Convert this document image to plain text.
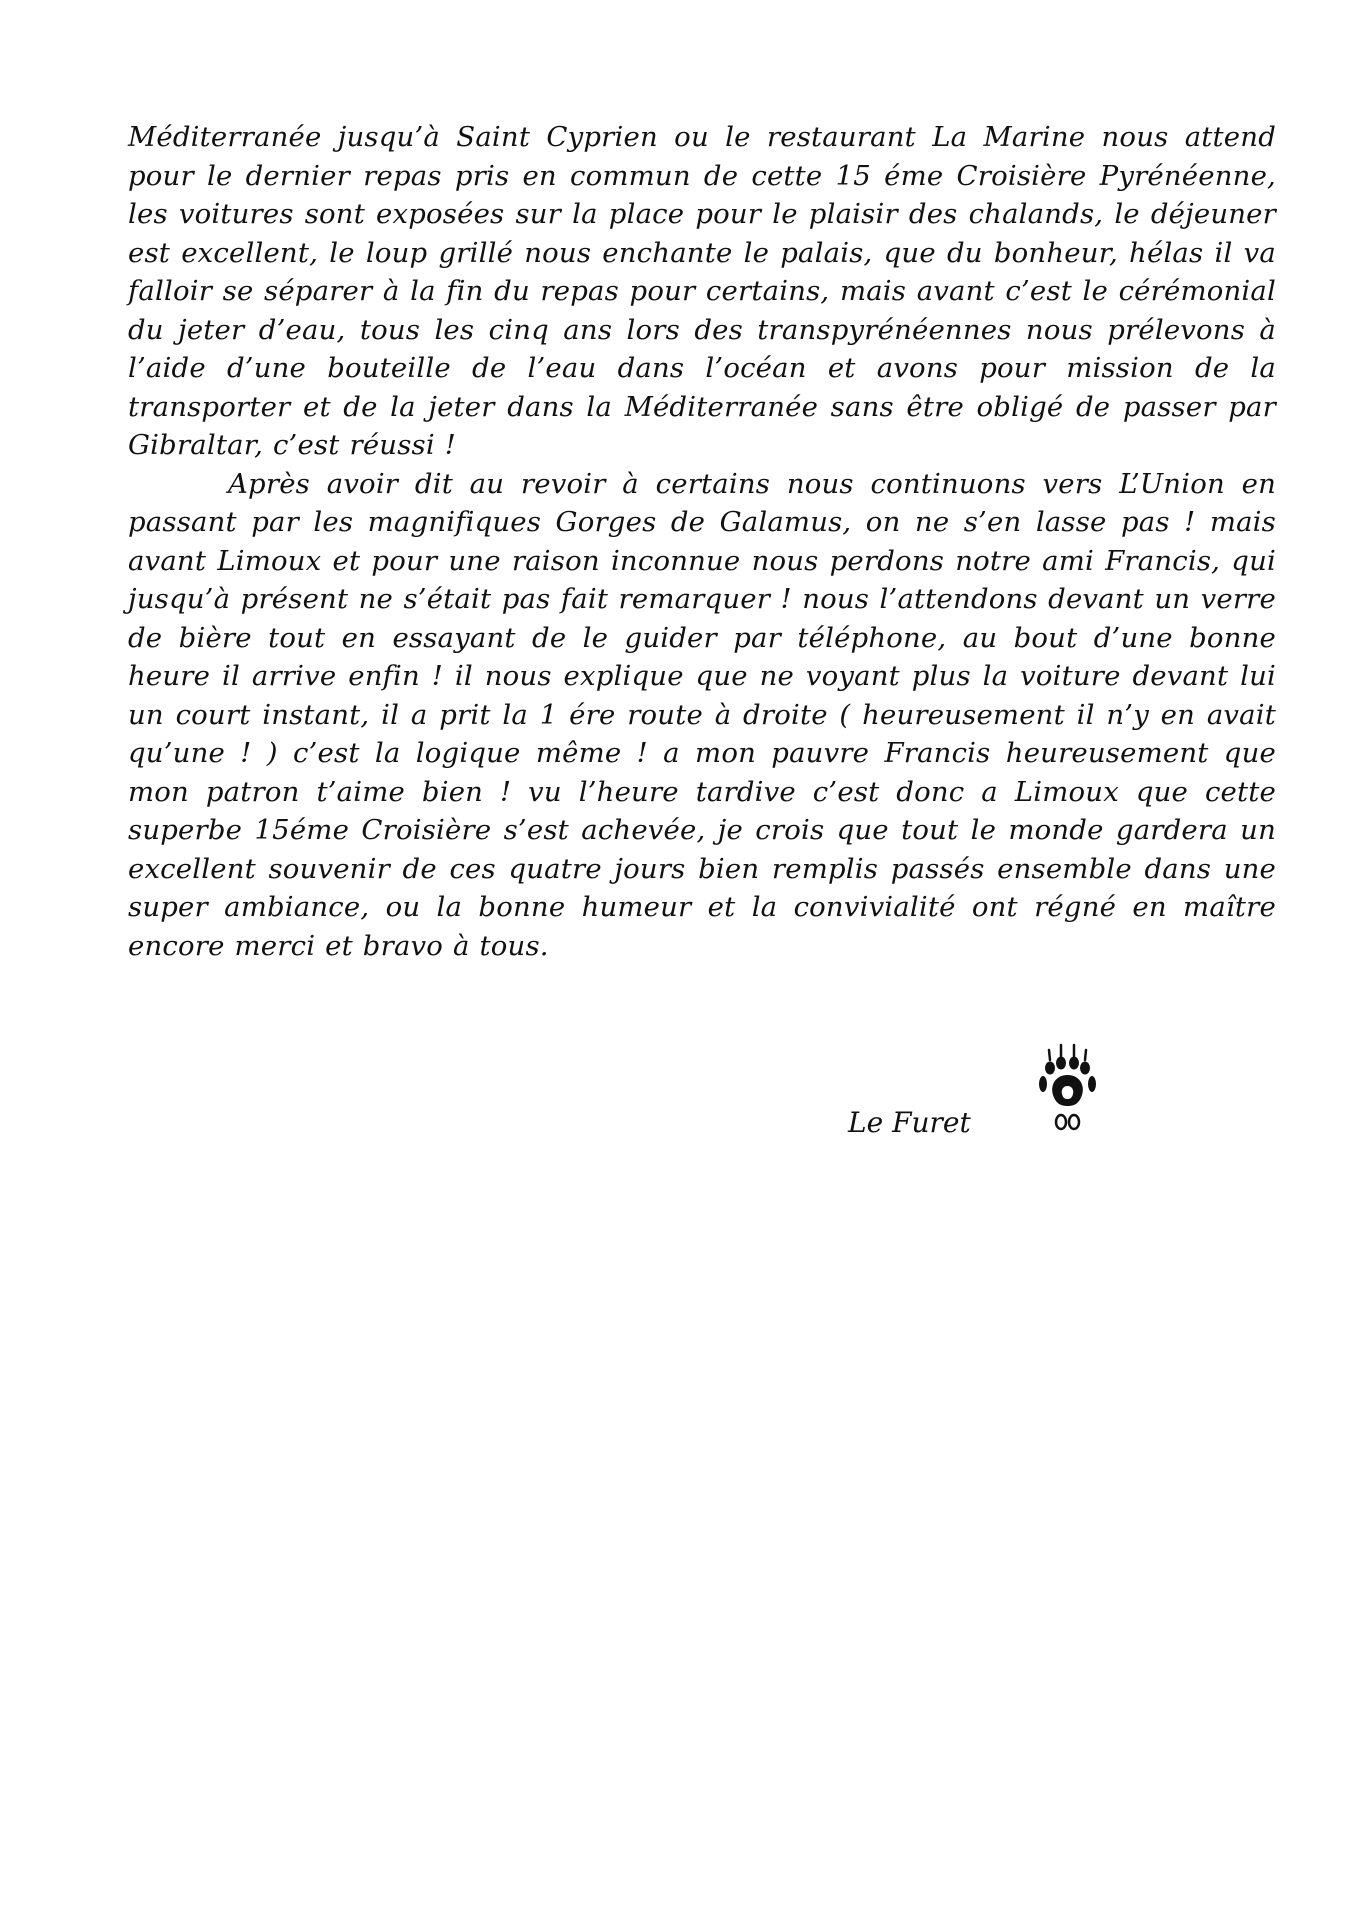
Méditerranée jusqu’à Saint Cyprien ou le restaurant La Marine nous attend pour le dernier repas pris en commun de cette 15 éme Croisière Pyrénéenne, les voitures sont exposées sur la place pour le plaisir des chalands, le déjeuner est excellent, le loup grillé nous enchante le palais, que du bonheur, hélas il va falloir se séparer à la fin du repas pour certains, mais avant c’est le cérémonial du jeter d’eau, tous les cinq ans lors des transpyrénéennes nous prélevons à l’aide d’une bouteille de l’eau dans l’océan et avons pour mission de la transporter et de la jeter dans la Méditerranée sans être obligé de passer par Gibraltar, c’est réussi !

Après avoir dit au revoir à certains nous continuons vers L’Union en passant par les magnifiques Gorges de Galamus, on ne s’en lasse pas ! mais avant Limoux et pour une raison inconnue nous perdons notre ami Francis, qui jusqu’à présent ne s’était pas fait remarquer ! nous l’attendons devant un verre de bière tout en essayant de le guider par téléphone, au bout d’une bonne heure il arrive enfin ! il nous explique que ne voyant plus la voiture devant lui un court instant, il a prit la 1 ére route à droite ( heureusement il n’y en avait qu’une ! ) c’est la logique même ! a mon pauvre Francis heureusement que mon patron t’aime bien ! vu l’heure tardive c’est donc a Limoux que cette superbe 15éme Croisière s’est achevée, je crois que tout le monde gardera un excellent souvenir de ces quatre jours bien remplis passés ensemble dans une super ambiance, ou la bonne humeur et la convivialité ont régné en maître encore merci et bravo à tous.

Le Furet
